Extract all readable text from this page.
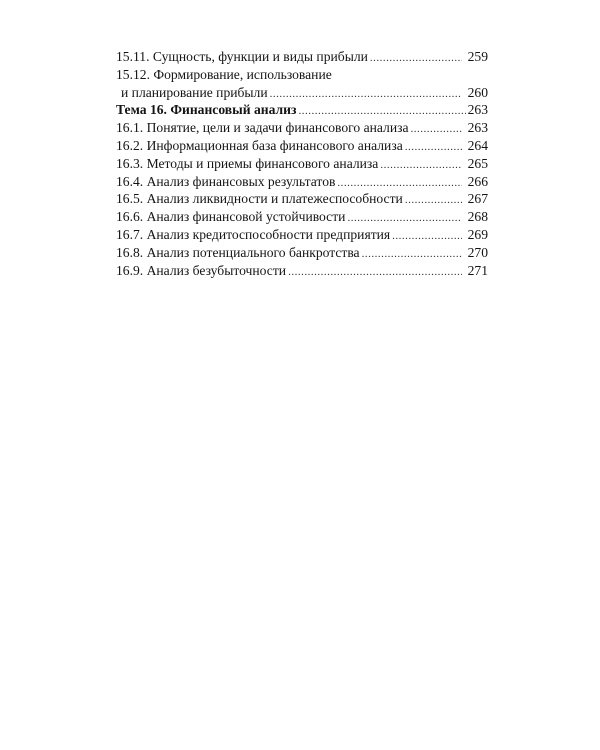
15.11. Сущность, функции и виды прибыли .....	259
15.12. Формирование, использование
и планирование прибыли .....	260
Тема 16. Финансовый анализ .....	263
16.1. Понятие, цели и задачи финансового анализа .....	263
16.2. Информационная база финансового анализа .....	264
16.3. Методы и приемы финансового анализа .....	265
16.4. Анализ финансовых результатов .....	266
16.5. Анализ ликвидности и платежеспособности .....	267
16.6. Анализ финансовой устойчивости .....	268
16.7. Анализ кредитоспособности предприятия .....	269
16.8. Анализ потенциального банкротства .....	270
16.9. Анализ безубыточности .....	271
